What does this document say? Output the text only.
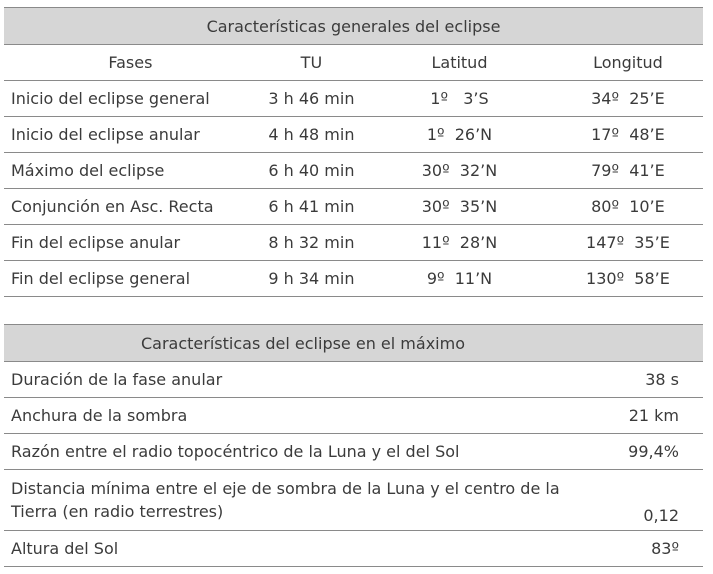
Características generales del eclipse			
Fases	TU	Latitud	Longitud
Inicio del eclipse general	3 h 46 min	1º   3’S	34º  25’E
Inicio del eclipse anular	4 h 48 min	1º  26’N	17º  48’E
Máximo del eclipse	6 h 40 min	30º  32’N	79º  41’E
Conjunción en Asc. Recta	6 h 41 min	30º  35’N	80º  10’E
Fin del eclipse anular	8 h 32 min	11º  28’N	147º  35’E
Fin del eclipse general	9 h 34 min	9º  11’N	130º  58’E
Características del eclipse en el máximo	
Duración de la fase anular	38 s
Anchura de la sombra	21 km
Razón entre el radio topocéntrico de la Luna y el del Sol	99,4%
Distancia mínima entre el eje de sombra de la Luna y el centro de la Tierra (en radio terrestres)	0,12
Altura del Sol	83º
